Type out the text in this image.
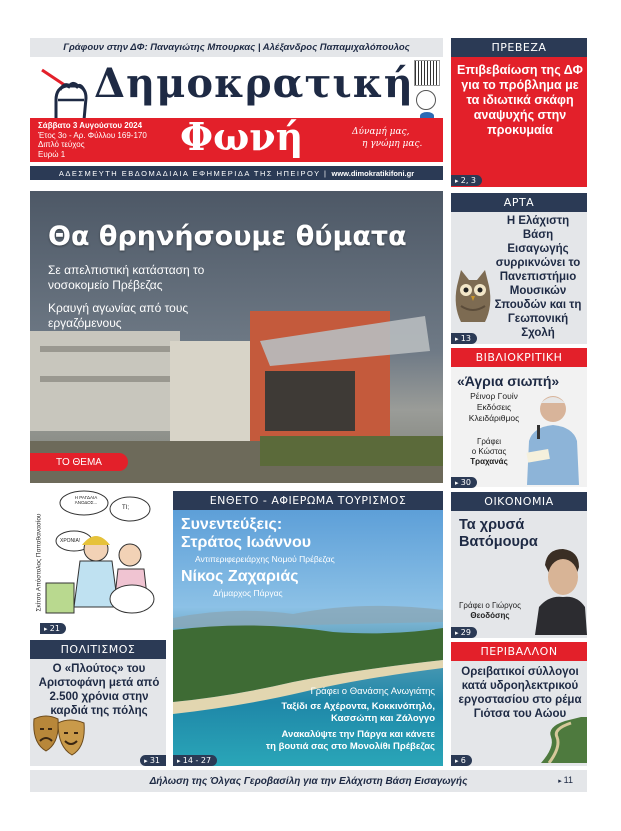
Γράφουν στην ΔΦ: Παναγιώτης Μπουρκας | Αλέξανδρος Παπαμιχαλόπουλος
Δημοκρατική
Σάββατο 3 Αυγούστου 2024
Έτος 3ο - Αρ. Φύλλου 169-170
Διπλό τεύχος
Ευρώ 1	Φωνή	Δύναμή μας,
η γνώμη μας.
ΑΔΕΣΜΕΥΤΗ ΕΒΔΟΜΑΔΙΑΙΑ ΕΦΗΜΕΡΙΔΑ ΤΗΣ ΗΠΕΙΡΟΥ | www.dimokratikifoni.gr
Θα θρηνήσουμε θύματα
Σε απελπιστική κατάσταση το νοσοκομείο Πρέβεζας
Κραυγή αγωνίας από τους εργαζόμενους
ΤΟ ΘΕΜΑ
ΠΡΕΒΕΖΑ
Επιβεβαίωση της ΔΦ για το πρόβλημα με τα ιδιωτικά σκάφη αναψυχής στην προκυμαία
▸ 2, 3
ΑΡΤΑ
Η Ελάχιστη Βάση Εισαγωγής συρρικνώνει το Πανεπιστήμιο Μουσικών Σπουδών και τη Γεωπονική Σχολή
▸ 13
ΒΙΒΛΙΟΚΡΙΤΙΚΗ
«Άγρια σιωπή»
Ρέινορ Γουίν
Εκδόσεις
Κλειδάριθμος
Γράφει
ο Κώστας
Τραχανάς
▸ 30
ΟΙΚΟΝΟΜΙΑ
Τα χρυσά Βατόμουρα
Γράφει ο Γιώργος
Θεοδόσης
▸ 29
ΠΕΡΙΒΑΛΛΟΝ
Ορειβατικοί σύλλογοι κατά υδροηλεκτρικού εργοστασίου στο ρέμα Γιότσα του Αώου
▸ 6
Σκίτσο Απόστολος Παπαθανασίου
Η ΡΑΓΔΑΙΑ ΆΝΟΔΟΣ...
ΤΙ;
ΧΡΟΝΙΑ!
▸ 21
ΠΟΛΙΤΙΣΜΟΣ
Ο «Πλούτος» του Αριστοφάνη μετά από 2.500 χρόνια στην καρδιά της πόλης
▸ 31
ΕΝΘΕΤΟ - ΑΦΙΕΡΩΜΑ ΤΟΥΡΙΣΜΟΣ
Συνεντεύξεις:
Στράτος Ιωάννου
Αντιπεριφερειάρχης Νομού Πρέβεζας
Νίκος Ζαχαριάς
Δήμαρχος Πάργας
Γράφει ο Θανάσης Ανωγιάτης
Ταξίδι σε Αχέροντα, Κοκκινόπηλό,
Κασσώπη και Ζάλογγο
Ανακαλύψτε την Πάργα και κάνετε
τη βουτιά σας στο Μονολίθι Πρέβεζας
▸ 14 - 27
Δήλωση της Όλγας Γεροβασίλη για την Ελάχιστη Βάση Εισαγωγής	▸ 11
